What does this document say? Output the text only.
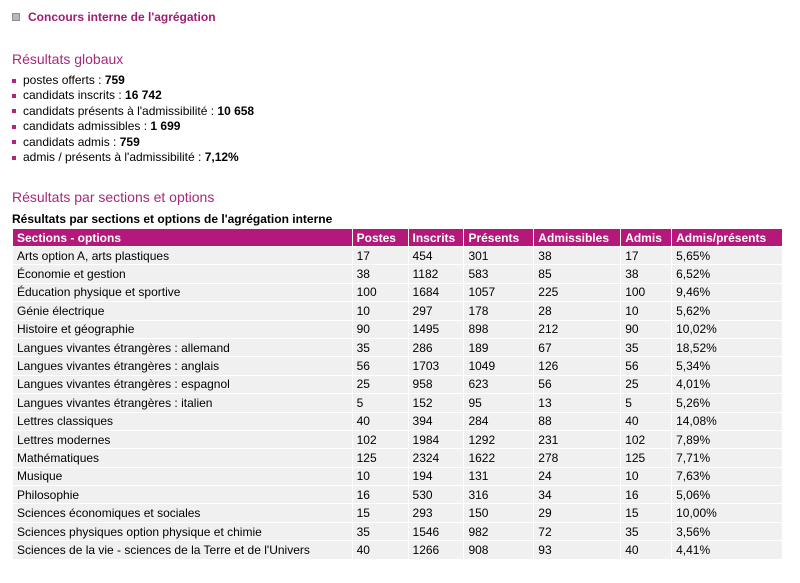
Concours interne de l'agrégation
Résultats globaux
postes offerts : 759
candidats inscrits : 16 742
candidats présents à l'admissibilité : 10 658
candidats admissibles : 1 699
candidats admis : 759
admis / présents à l'admissibilité : 7,12%
Résultats par sections et options
Résultats par sections et options de l'agrégation interne
Sections - options	Postes	Inscrits	Présents	Admissibles	Admis	Admis/présents
Arts option A, arts plastiques	17	454	301	38	17	5,65%
Économie et gestion	38	1182	583	85	38	6,52%
Éducation physique et sportive	100	1684	1057	225	100	9,46%
Génie électrique	10	297	178	28	10	5,62%
Histoire et géographie	90	1495	898	212	90	10,02%
Langues vivantes étrangères : allemand	35	286	189	67	35	18,52%
Langues vivantes étrangères : anglais	56	1703	1049	126	56	5,34%
Langues vivantes étrangères : espagnol	25	958	623	56	25	4,01%
Langues vivantes étrangères : italien	5	152	95	13	5	5,26%
Lettres classiques	40	394	284	88	40	14,08%
Lettres modernes	102	1984	1292	231	102	7,89%
Mathématiques	125	2324	1622	278	125	7,71%
Musique	10	194	131	24	10	7,63%
Philosophie	16	530	316	34	16	5,06%
Sciences économiques et sociales	15	293	150	29	15	10,00%
Sciences physiques option physique et chimie	35	1546	982	72	35	3,56%
Sciences de la vie - sciences de la Terre et de l'Univers	40	1266	908	93	40	4,41%
